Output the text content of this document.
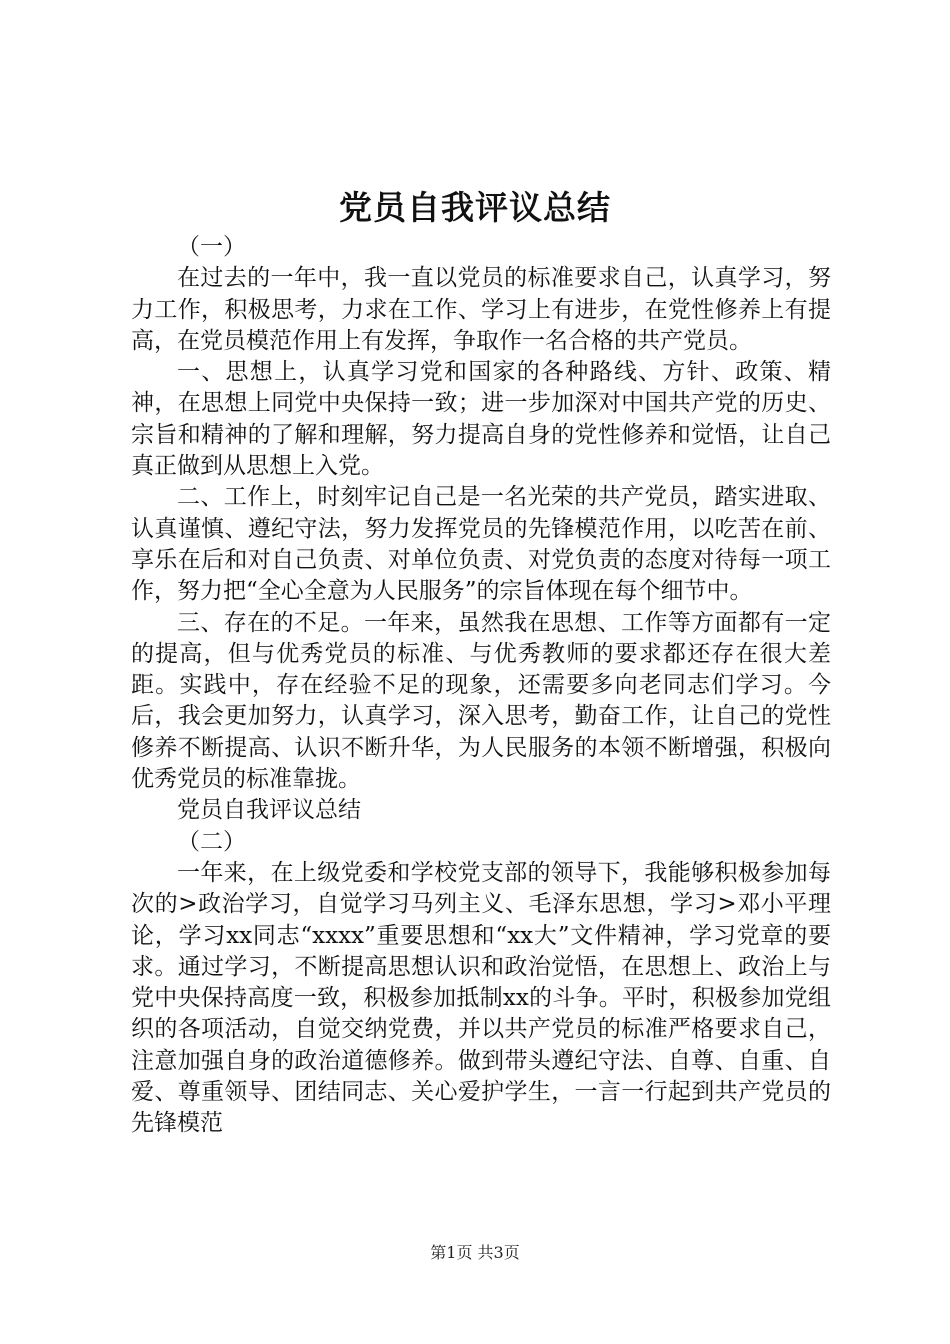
党员自我评议总结

（一）

在过去的一年中，我一直以党员的标准要求自己，认真学习，努力工作，积极思考，力求在工作、学习上有进步，在党性修养上有提高，在党员模范作用上有发挥，争取作一名合格的共产党员。

一、思想上，认真学习党和国家的各种路线、方针、政策、精神，在思想上同党中央保持一致；进一步加深对中国共产党的历史、宗旨和精神的了解和理解，努力提高自身的党性修养和觉悟，让自己真正做到从思想上入党。

二、工作上，时刻牢记自己是一名光荣的共产党员，踏实进取、认真谨慎、遵纪守法，努力发挥党员的先锋模范作用，以吃苦在前、享乐在后和对自己负责、对单位负责、对党负责的态度对待每一项工作，努力把“全心全意为人民服务”的宗旨体现在每个细节中。

三、存在的不足。一年来，虽然我在思想、工作等方面都有一定的提高，但与优秀党员的标准、与优秀教师的要求都还存在很大差距。实践中，存在经验不足的现象，还需要多向老同志们学习。今后，我会更加努力，认真学习，深入思考，勤奋工作，让自己的党性修养不断提高、认识不断升华，为人民服务的本领不断增强，积极向优秀党员的标准靠拢。

党员自我评议总结

（二）

一年来，在上级党委和学校党支部的领导下，我能够积极参加每次的>政治学习，自觉学习马列主义、毛泽东思想，学习>邓小平理论，学习xx同志“xxxx”重要思想和“xx大”文件精神，学习党章的要求。通过学习，不断提高思想认识和政治觉悟，在思想上、政治上与党中央保持高度一致，积极参加抵制xx的斗争。平时，积极参加党组织的各项活动，自觉交纳党费，并以共产党员的标准严格要求自己，注意加强自身的政治道德修养。做到带头遵纪守法、自尊、自重、自爱、尊重领导、团结同志、关心爱护学生，一言一行起到共产党员的先锋模范

第1页 共3页
